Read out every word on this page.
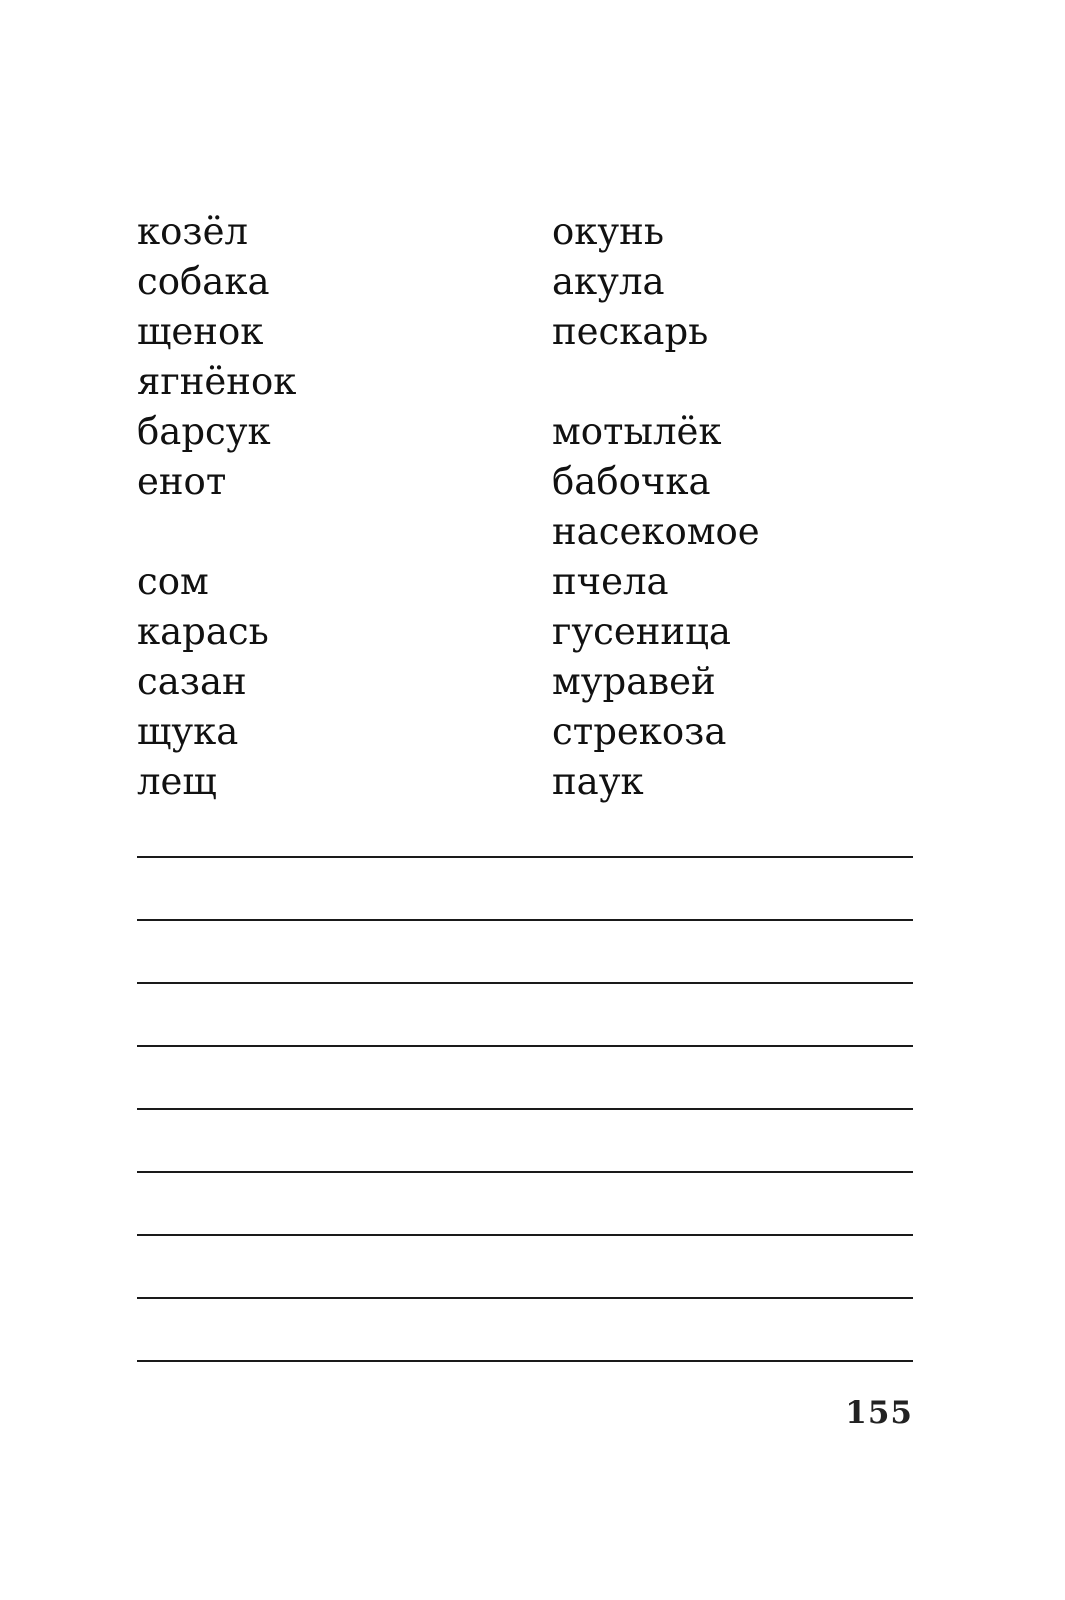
козёл
собака
щенок
ягнёнок
барсук
енот
сом
карась
сазан
щука
лещ
окунь
акула
пескарь
мотылёк
бабочка
насекомое
пчела
гусеница
муравей
стрекоза
паук
155
